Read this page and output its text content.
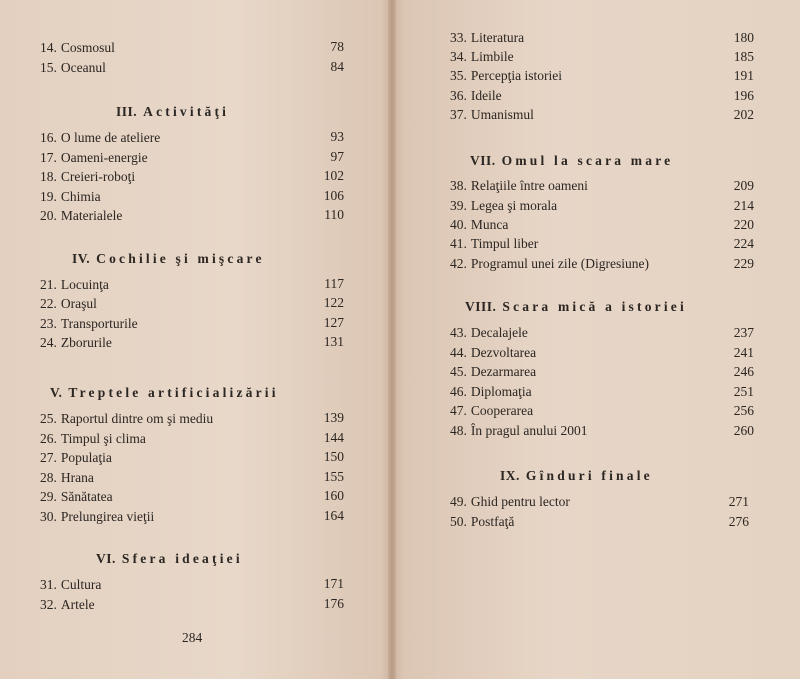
14. Cosmosul	78
15. Oceanul	84
III. Activităţi
16. O lume de ateliere	93
17. Oameni-energie	97
18. Creieri-roboţi	102
19. Chimia	106
20. Materialele	110
IV. Cochilie şi mişcare
21. Locuinţa	117
22. Oraşul	122
23. Transporturile	127
24. Zborurile	131
V. Treptele artificializării
25. Raportul dintre om şi mediu	139
26. Timpul şi clima	144
27. Populaţia	150
28. Hrana	155
29. Sănătatea	160
30. Prelungirea vieţii	164
VI. Sfera ideaţiei
31. Cultura	171
32. Artele	176
284
33. Literatura	180
34. Limbile	185
35. Percepţia istoriei	191
36. Ideile	196
37. Umanismul	202
VII. Omul la scara mare
38. Relaţiile între oameni	209
39. Legea şi morala	214
40. Munca	220
41. Timpul liber	224
42. Programul unei zile (Digresiune)	229
VIII. Scara mică a istoriei
43. Decalajele	237
44. Dezvoltarea	241
45. Dezarmarea	246
46. Diplomaţia	251
47. Cooperarea	256
48. În pragul anului 2001	260
IX. Gînduri finale
49. Ghid pentru lector	271
50. Postfaţă	276
